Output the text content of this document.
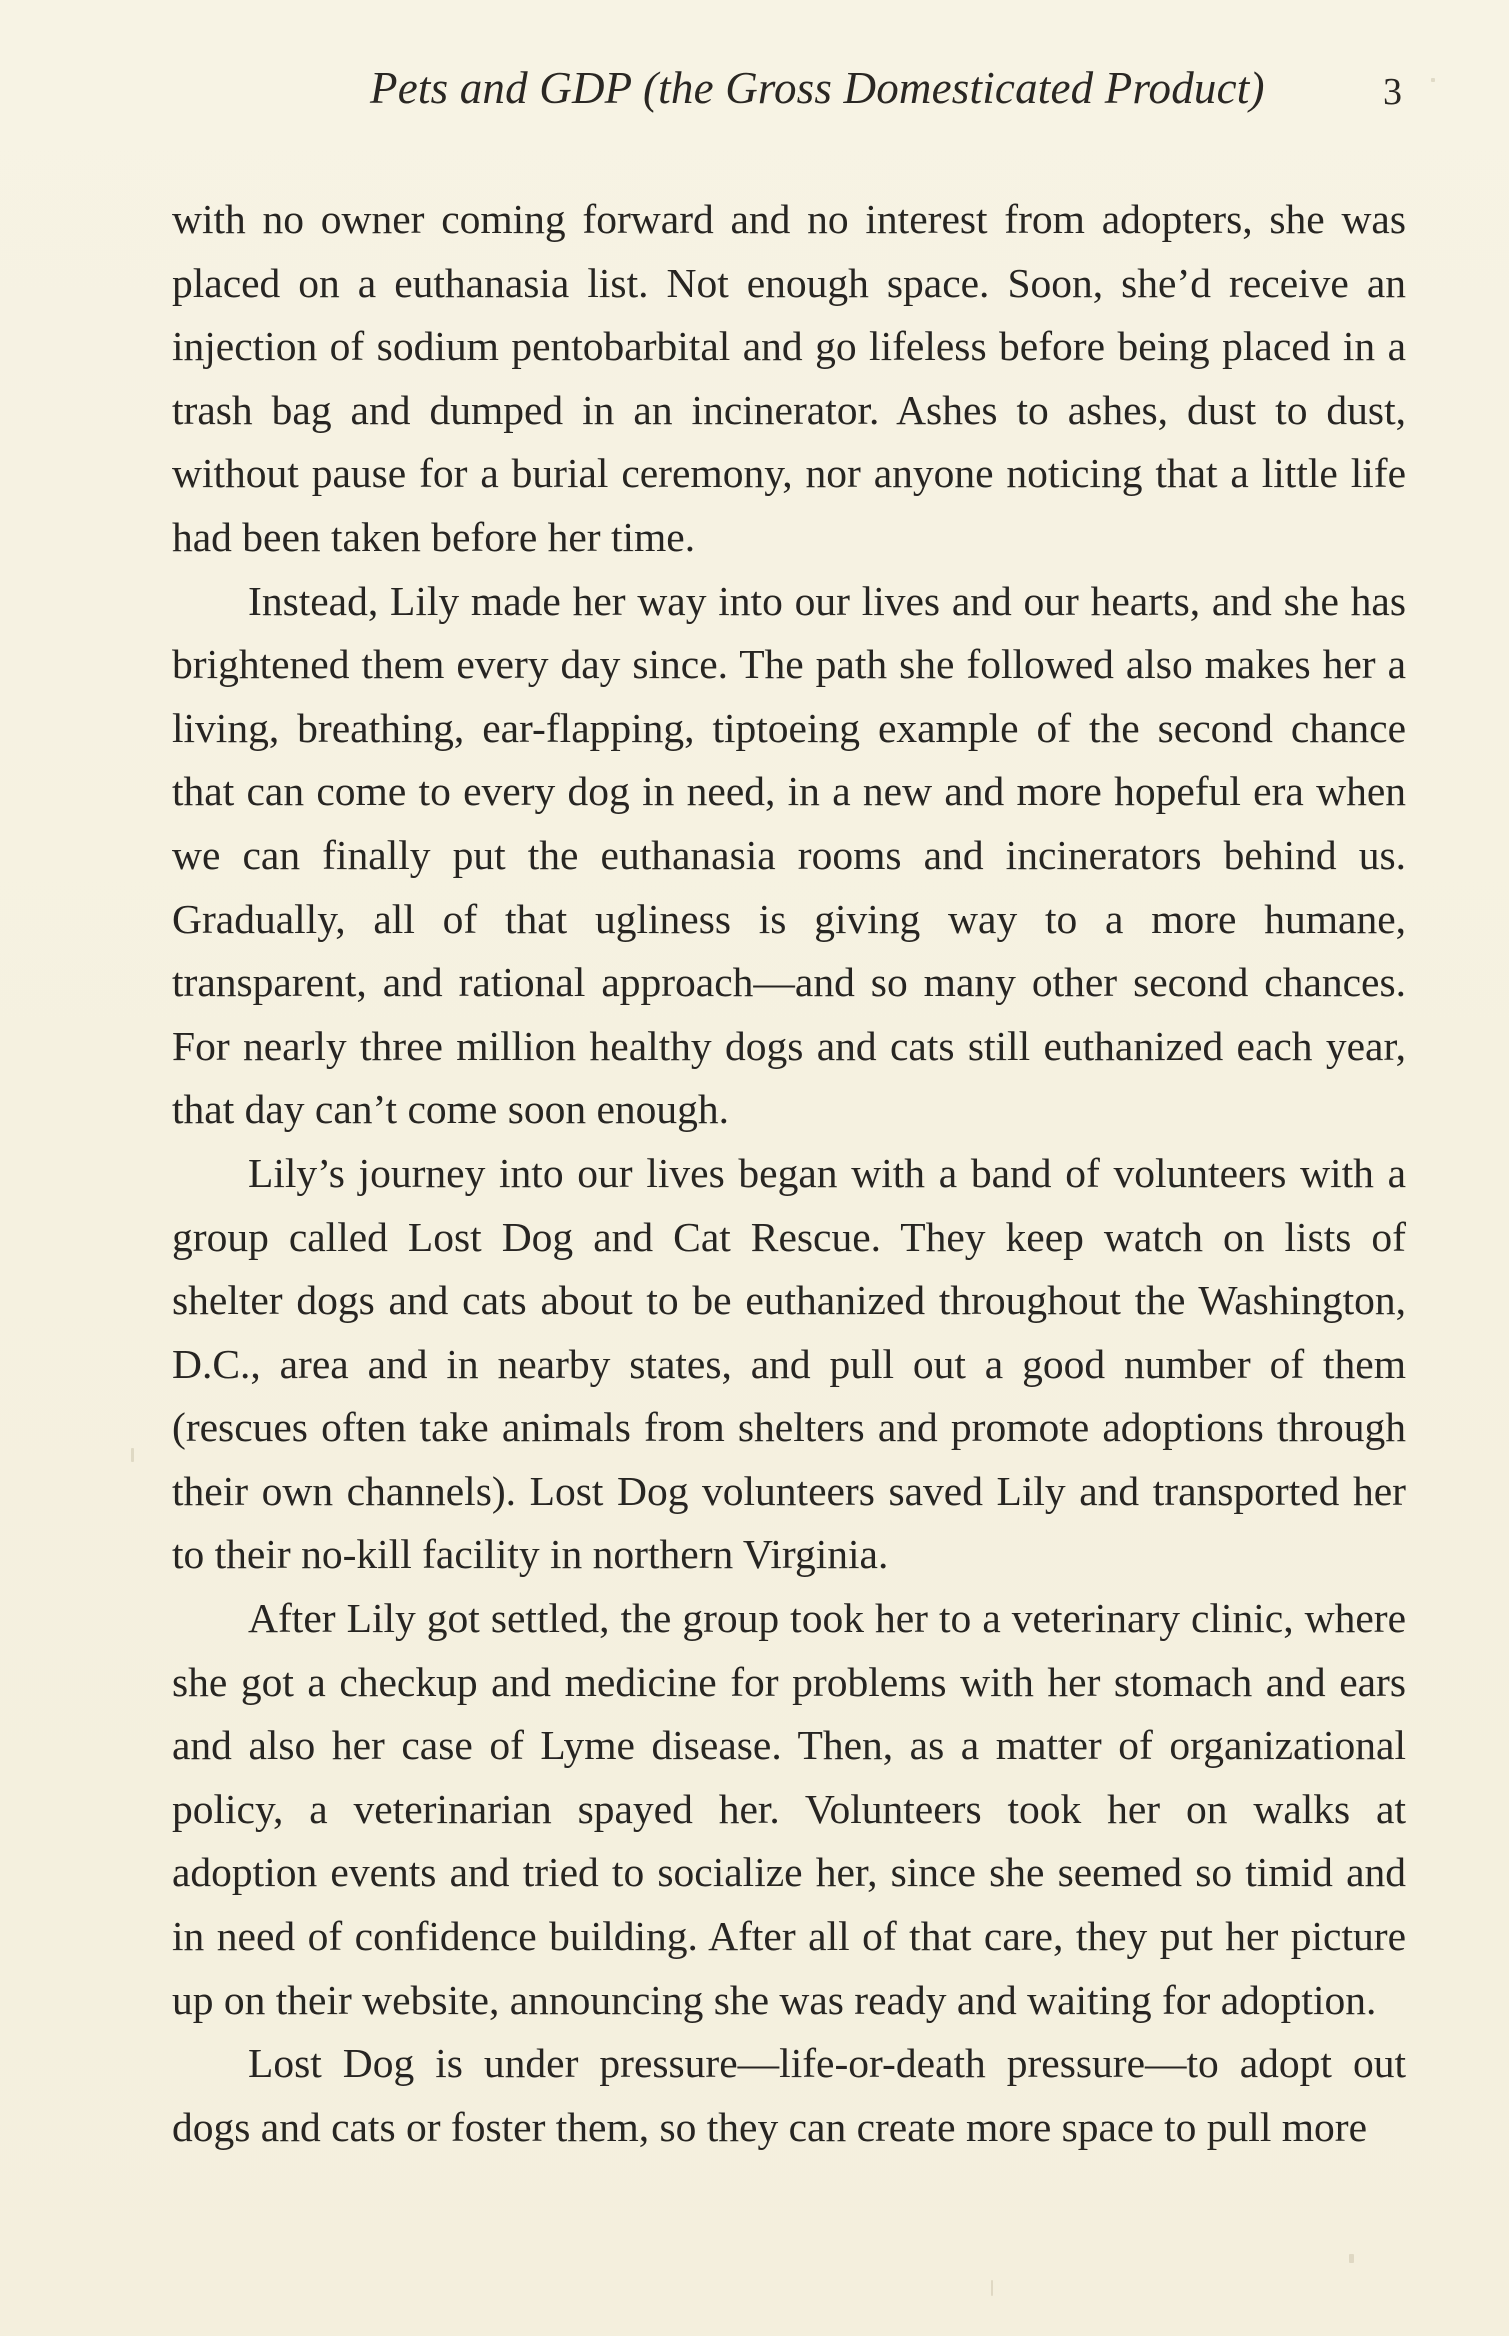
Pets and GDP (the Gross Domesticated Product)	3

with no owner coming forward and no interest from adopters, she was placed on a euthanasia list. Not enough space. Soon, she’d receive an injection of sodium pentobarbital and go lifeless before being placed in a trash bag and dumped in an incinerator. Ashes to ashes, dust to dust, without pause for a burial ceremony, nor anyone noticing that a little life had been taken before her time.

Instead, Lily made her way into our lives and our hearts, and she has brightened them every day since. The path she followed also makes her a living, breathing, ear-flapping, tiptoeing example of the second chance that can come to every dog in need, in a new and more hopeful era when we can finally put the euthanasia rooms and incinerators behind us. Gradually, all of that ugliness is giving way to a more humane, transparent, and rational approach—and so many other second chances. For nearly three million healthy dogs and cats still euthanized each year, that day can’t come soon enough.

Lily’s journey into our lives began with a band of volunteers with a group called Lost Dog and Cat Rescue. They keep watch on lists of shelter dogs and cats about to be euthanized throughout the Washington, D.C., area and in nearby states, and pull out a good number of them (rescues often take animals from shelters and promote adoptions through their own channels). Lost Dog volunteers saved Lily and transported her to their no-kill facility in northern Virginia.

After Lily got settled, the group took her to a veterinary clinic, where she got a checkup and medicine for problems with her stomach and ears and also her case of Lyme disease. Then, as a matter of organizational policy, a veterinarian spayed her. Volunteers took her on walks at adoption events and tried to socialize her, since she seemed so timid and in need of confidence building. After all of that care, they put her picture up on their website, announcing she was ready and waiting for adoption.

Lost Dog is under pressure—life-or-death pressure—to adopt out dogs and cats or foster them, so they can create more space to pull more
